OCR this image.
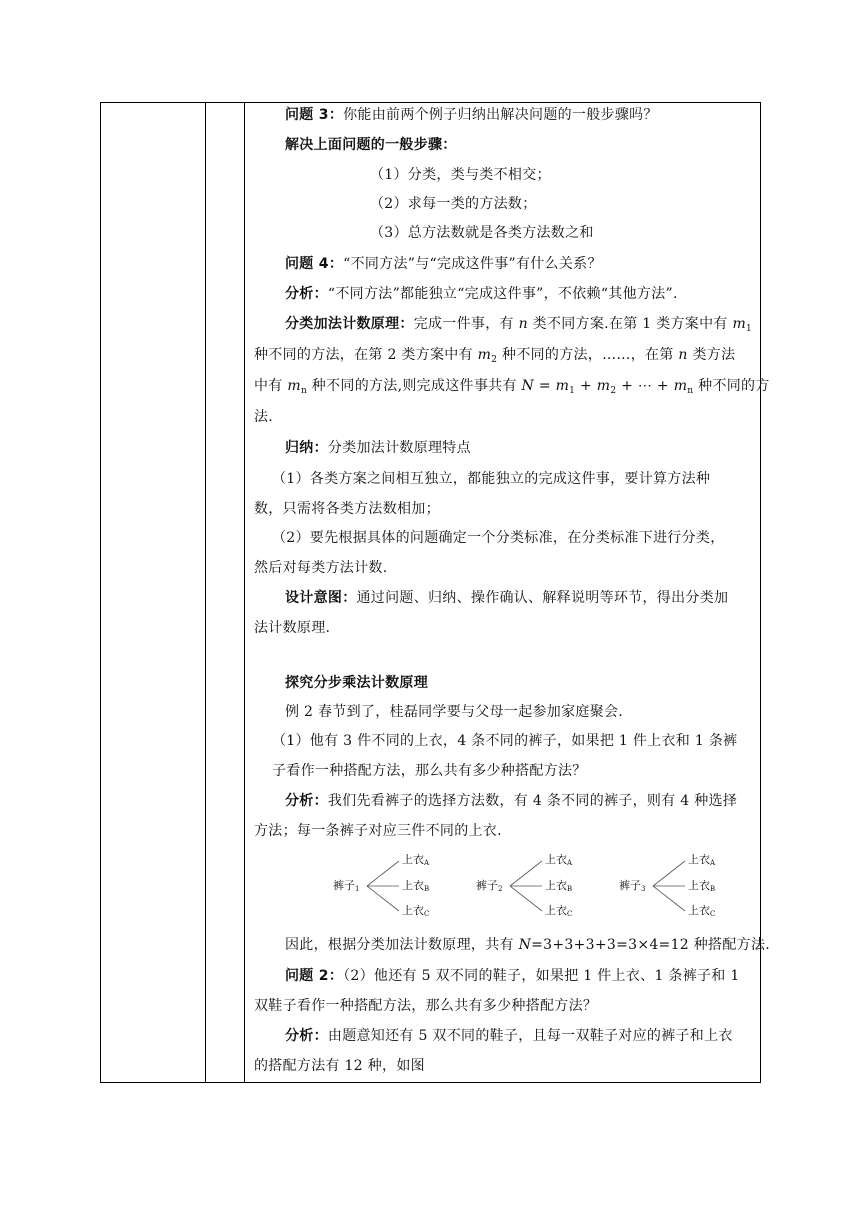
问题 3：你能由前两个例子归纳出解决问题的一般步骤吗？
解决上面问题的一般步骤：
（1）分类，类与类不相交；
（2）求每一类的方法数；
（3）总方法数就是各类方法数之和
问题 4：“不同方法”与“完成这件事”有什么关系？
分析：“不同方法”都能独立“完成这件事”，不依赖“其他方法”.
分类加法计数原理：完成一件事，有 n 类不同方案.在第 1 类方案中有 $m_1$
种不同的方法，在第 2 类方案中有 $m_2$ 种不同的方法，……，在第 n 类方法
中有 $m_n$ 种不同的方法,则完成这件事共有 $N = m_1 + m_2$ + ⋯ + $m_n$ 种不同的方
法.
归纳：分类加法计数原理特点
（1）各类方案之间相互独立，都能独立的完成这件事，要计算方法种
数，只需将各类方法数相加；
（2）要先根据具体的问题确定一个分类标准，在分类标准下进行分类，
然后对每类方法计数.
设计意图：通过问题、归纳、操作确认、解释说明等环节，得出分类加
法计数原理.
探究分步乘法计数原理
例 2 春节到了，桂磊同学要与父母一起参加家庭聚会.
（1）他有 3 件不同的上衣，4 条不同的裤子，如果把 1 件上衣和 1 条裤
子看作一种搭配方法，那么共有多少种搭配方法？
分析：我们先看裤子的选择方法数，有 4 条不同的裤子，则有 4 种选择
方法；每一条裤子对应三件不同的上衣.
因此，根据分类加法计数原理，共有 N=3+3+3+3=3×4=12 种搭配方法.
问题 2：（2）他还有 5 双不同的鞋子，如果把 1 件上衣、1 条裤子和 1
双鞋子看作一种搭配方法，那么共有多少种搭配方法？
分析：由题意知还有 5 双不同的鞋子，且每一双鞋子对应的裤子和上衣
的搭配方法有 12 种，如图
裤子$_1$
上衣$_A$
上衣$_B$
上衣$_C$
裤子$_2$
上衣$_A$
上衣$_B$
上衣$_C$
裤子$_3$
上衣$_A$
上衣$_B$
上衣$_C$
